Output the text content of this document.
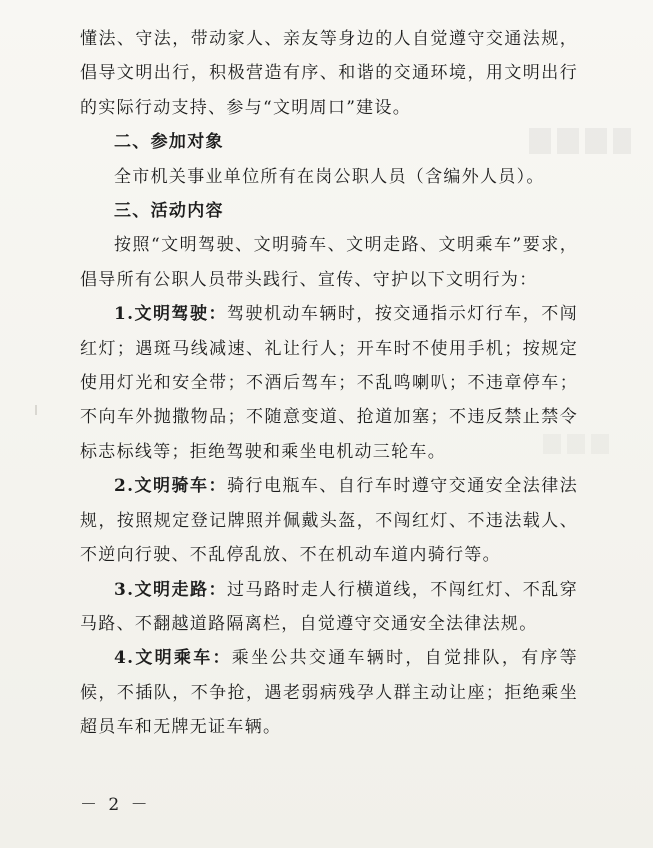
懂法、守法，带动家人、亲友等身边的人自觉遵守交通法规，倡导文明出行，积极营造有序、和谐的交通环境，用文明出行的实际行动支持、参与“文明周口”建设。

二、参加对象

全市机关事业单位所有在岗公职人员（含编外人员）。

三、活动内容

按照“文明驾驶、文明骑车、文明走路、文明乘车”要求，倡导所有公职人员带头践行、宣传、守护以下文明行为：

1.文明驾驶：驾驶机动车辆时，按交通指示灯行车，不闯红灯；遇斑马线减速、礼让行人；开车时不使用手机；按规定使用灯光和安全带；不酒后驾车；不乱鸣喇叭；不违章停车；不向车外抛撒物品；不随意变道、抢道加塞；不违反禁止禁令标志标线等；拒绝驾驶和乘坐电机动三轮车。

2.文明骑车：骑行电瓶车、自行车时遵守交通安全法律法规，按照规定登记牌照并佩戴头盔，不闯红灯、不违法载人、不逆向行驶、不乱停乱放、不在机动车道内骑行等。

3.文明走路：过马路时走人行横道线，不闯红灯、不乱穿马路、不翻越道路隔离栏，自觉遵守交通安全法律法规。

4.文明乘车：乘坐公共交通车辆时，自觉排队，有序等候，不插队，不争抢，遇老弱病残孕人群主动让座；拒绝乘坐超员车和无牌无证车辆。

－ 2 －
